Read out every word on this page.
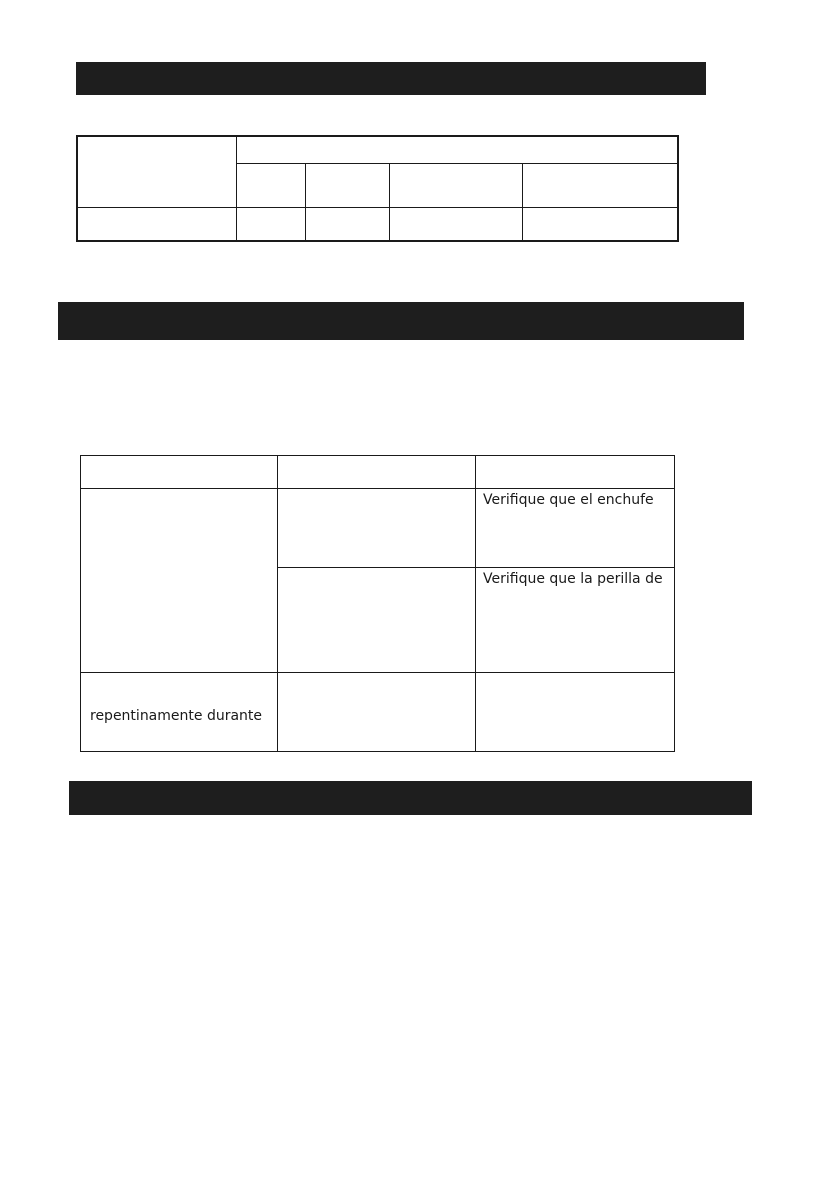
		Verifique que el enchufe

		Verifique que la perilla de

repentinamente durante		
